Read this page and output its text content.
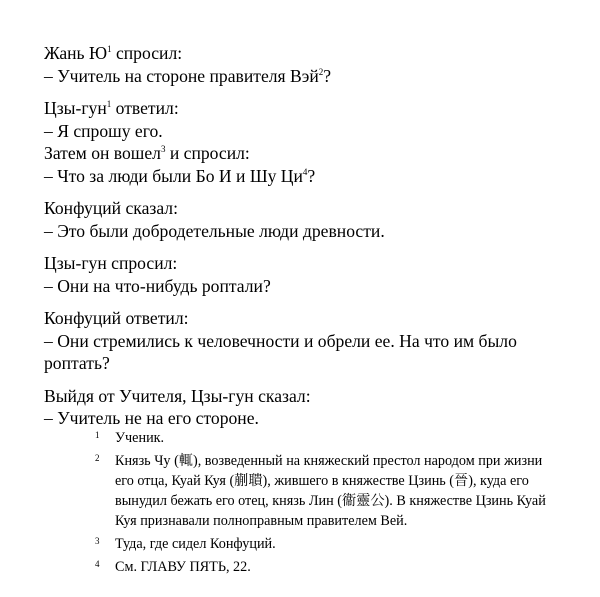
Жань $Ю^1$ спросил:
– Учитель на стороне правителя Вэй$^2$?
Цзы-гун$^1$ ответил:
– Я спрошу его.
Затем он вошел$^3$ и спросил:
– Что за люди были Бо И и Шу $Ци^4$?
Конфуций сказал:
– Это были добродетельные люди древности.
Цзы-гун спросил:
– Они на что-нибудь роптали?
Конфуций ответил:
– Они стремились к человечности и обрели ее. На что им было роптать?
Выйдя от Учителя, Цзы-гун сказал:
– Учитель не на его стороне.
1 Ученик.
2 Князь Чу (輒), возведенный на княжеский престол народом при жизни его отца, Куай Куя (蒯聵), жившего в княжестве Цзинь (晉), куда его вынудил бежать его отец, князь Лин (衞靈公). В княжестве Цзинь Куай Куя признавали полноправным правителем Вей.
3 Туда, где сидел Конфуций.
4 См. ГЛАВУ ПЯТЬ, 22.
